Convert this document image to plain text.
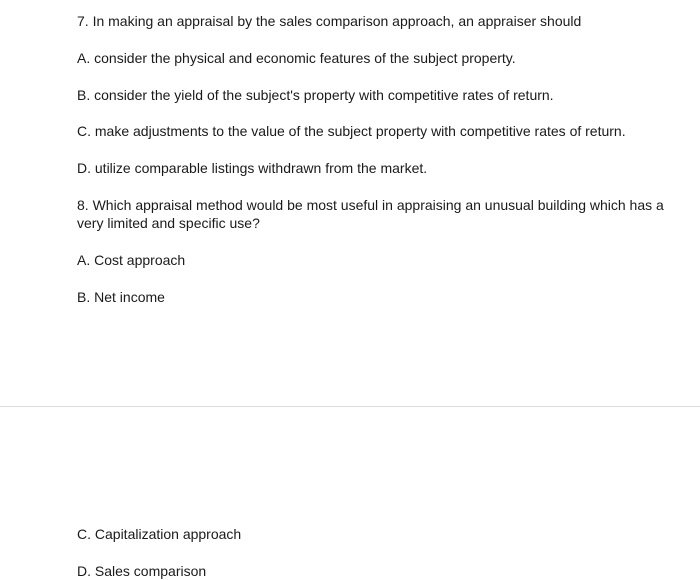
7. In making an appraisal by the sales comparison approach, an appraiser should

A. consider the physical and economic features of the subject property.

B. consider the yield of the subject's property with competitive rates of return.

C. make adjustments to the value of the subject property with competitive rates of return.

D. utilize comparable listings withdrawn from the market.

8. Which appraisal method would be most useful in appraising an unusual building which has a very limited and specific use?

A. Cost approach

B. Net income

C. Capitalization approach

D. Sales comparison
